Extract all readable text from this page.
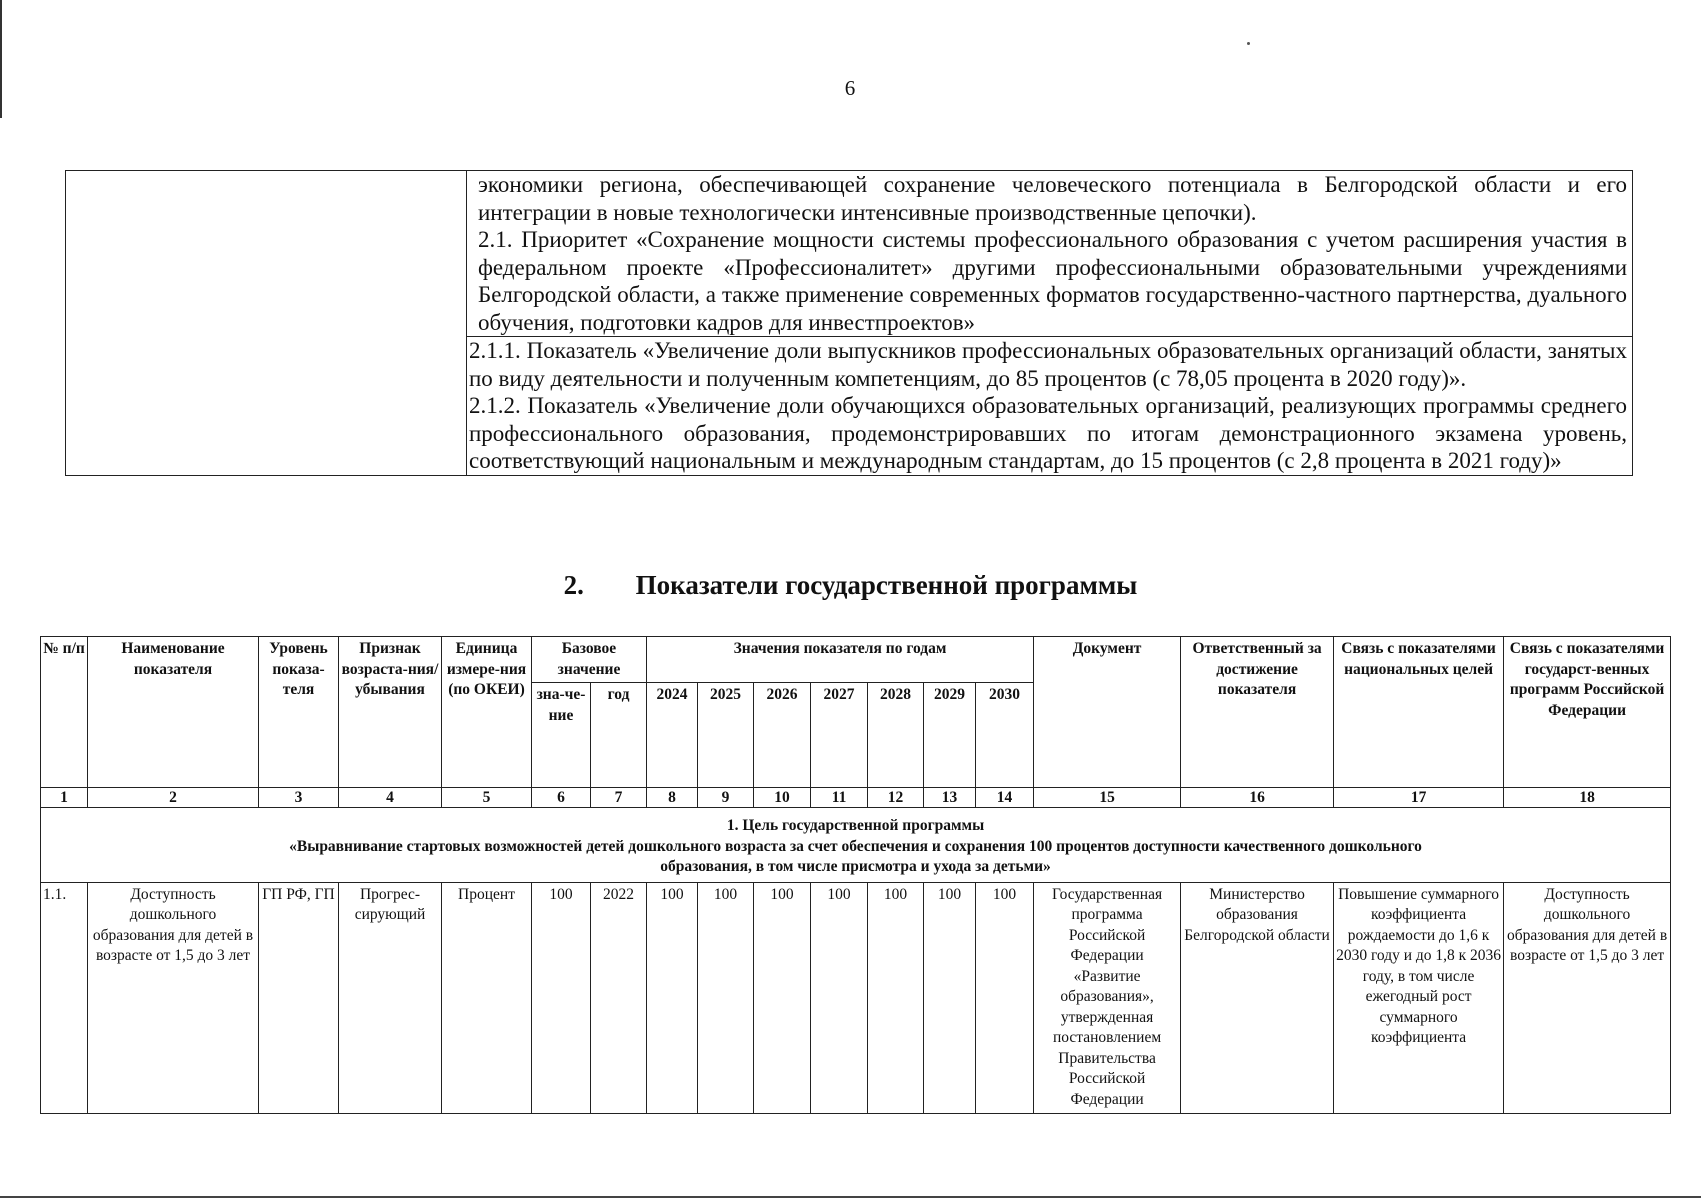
6

экономики региона, обеспечивающей сохранение человеческого потенциала в Белгородской области и его интеграции в новые технологически интенсивные производственные цепочки).

2.1. Приоритет «Сохранение мощности системы профессионального образования с учетом расширения участия в федеральном проекте «Профессионалитет» другими профессиональными образовательными учреждениями Белгородской области, а также применение современных форматов государственно-частного партнерства, дуального обучения, подготовки кадров для инвестпроектов»

2.1.1. Показатель «Увеличение доли выпускников профессиональных образовательных организаций области, занятых по виду деятельности и полученным компетенциям, до 85 процентов (с 78,05 процента в 2020 году)».

2.1.2. Показатель «Увеличение доли обучающихся образовательных организаций, реализующих программы среднего профессионального образования, продемонстрировавших по итогам демонстрационного экзамена уровень, соответствующий национальным и международным стандартам, до 15 процентов (с 2,8 процента в 2021 году)»

2. Показатели государственной программы
№ п/п	Наименование показателя	Уровень показа-теля	Признак возраста-ния/ убывания	Единица измере-ния (по ОКЕИ)	Базовое значение		Значения показателя по годам							Документ	Ответственный за достижение показателя	Связь с показателями национальных целей	Связь с показателями государст-венных программ Российской Федерации
					зна-че-ние	год	2024	2025	2026	2027	2028	2029	2030				
1	2	3	4	5	6	7	8	9	10	11	12	13	14	15	16	17	18

1. Цель государственной программы
«Выравнивание стартовых возможностей детей дошкольного возраста за счет обеспечения и сохранения 100 процентов доступности качественного дошкольного образования, в том числе присмотра и ухода за детьми»																	

1.1.	Доступность дошкольного образования для детей в возрасте от 1,5 до 3 лет	ГП РФ, ГП	Прогрес-сирующий	Процент	100	2022	100	100	100	100	100	100	100	Государственная программа Российской Федерации «Развитие образования», утвержденная постановлением Правительства Российской Федерации	Министерство образования Белгородской области	Повышение суммарного коэффициента рождаемости до 1,6 к 2030 году и до 1,8 к 2036 году, в том числе ежегодный рост суммарного коэффициента	Доступность дошкольного образования для детей в возрасте от 1,5 до 3 лет
